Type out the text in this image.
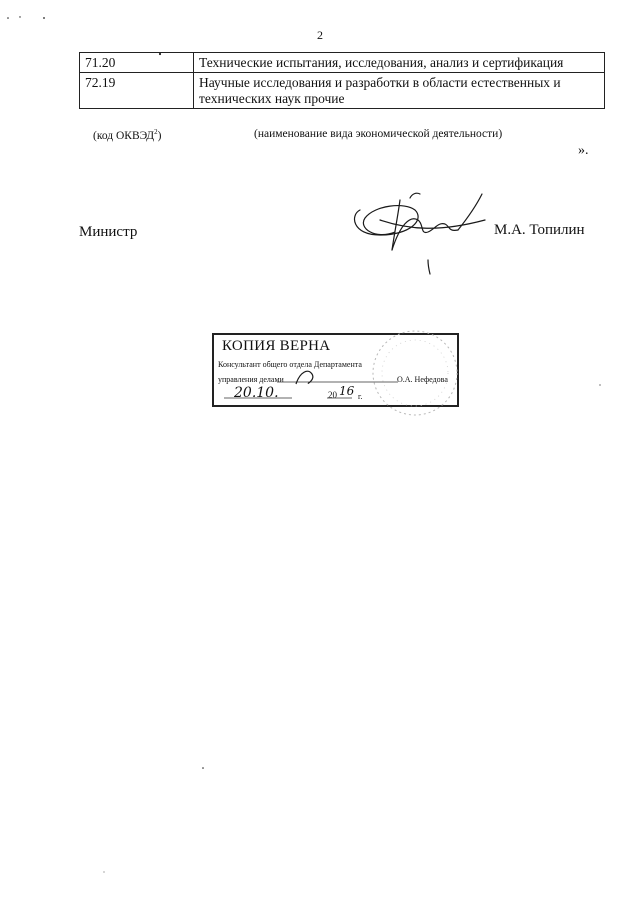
2
71.20	Технические испытания, исследования, анализ и сертификация
72.19	Научные исследования и разработки в области естественных и технических наук прочие
(код ОКВЭД$^2$)	(наименование вида экономической деятельности)
».
Министр	М.А. Топилин
КОПИЯ ВЕРНА
Консультант общего отдела Департамента
управления делами	О.А. Нефедова
20.10.	20 16 г.
